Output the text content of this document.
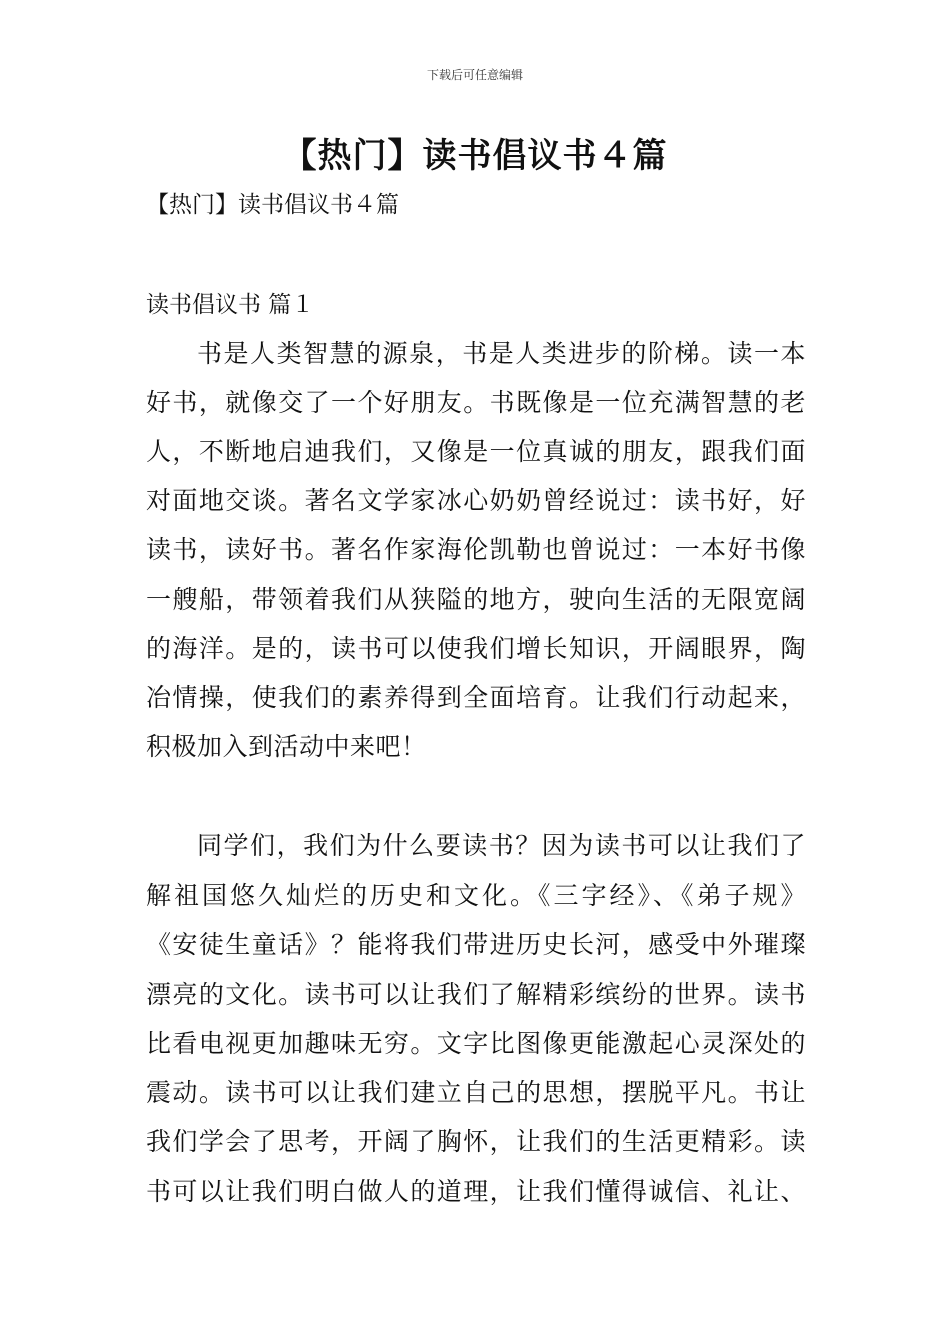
下载后可任意编辑
【热门】读书倡议书４篇
【热门】读书倡议书４篇
读书倡议书 篇１
书是人类智慧的源泉，书是人类进步的阶梯。读一本
好书，就像交了一个好朋友。书既像是一位充满智慧的老
人，不断地启迪我们，又像是一位真诚的朋友，跟我们面
对面地交谈。著名文学家冰心奶奶曾经说过：读书好，好
读书，读好书。著名作家海伦凯勒也曾说过：一本好书像
一艘船，带领着我们从狭隘的地方，驶向生活的无限宽阔
的海洋。是的，读书可以使我们增长知识，开阔眼界，陶
冶情操，使我们的素养得到全面培育。让我们行动起来，
积极加入到活动中来吧！
同学们，我们为什么要读书？因为读书可以让我们了
解祖国悠久灿烂的历史和文化。《三字经》、《弟子规》
《安徒生童话》？能将我们带进历史长河，感受中外璀璨
漂亮的文化。读书可以让我们了解精彩缤纷的世界。读书
比看电视更加趣味无穷。文字比图像更能激起心灵深处的
震动。读书可以让我们建立自己的思想，摆脱平凡。书让
我们学会了思考，开阔了胸怀，让我们的生活更精彩。读
书可以让我们明白做人的道理，让我们懂得诚信、礼让、
